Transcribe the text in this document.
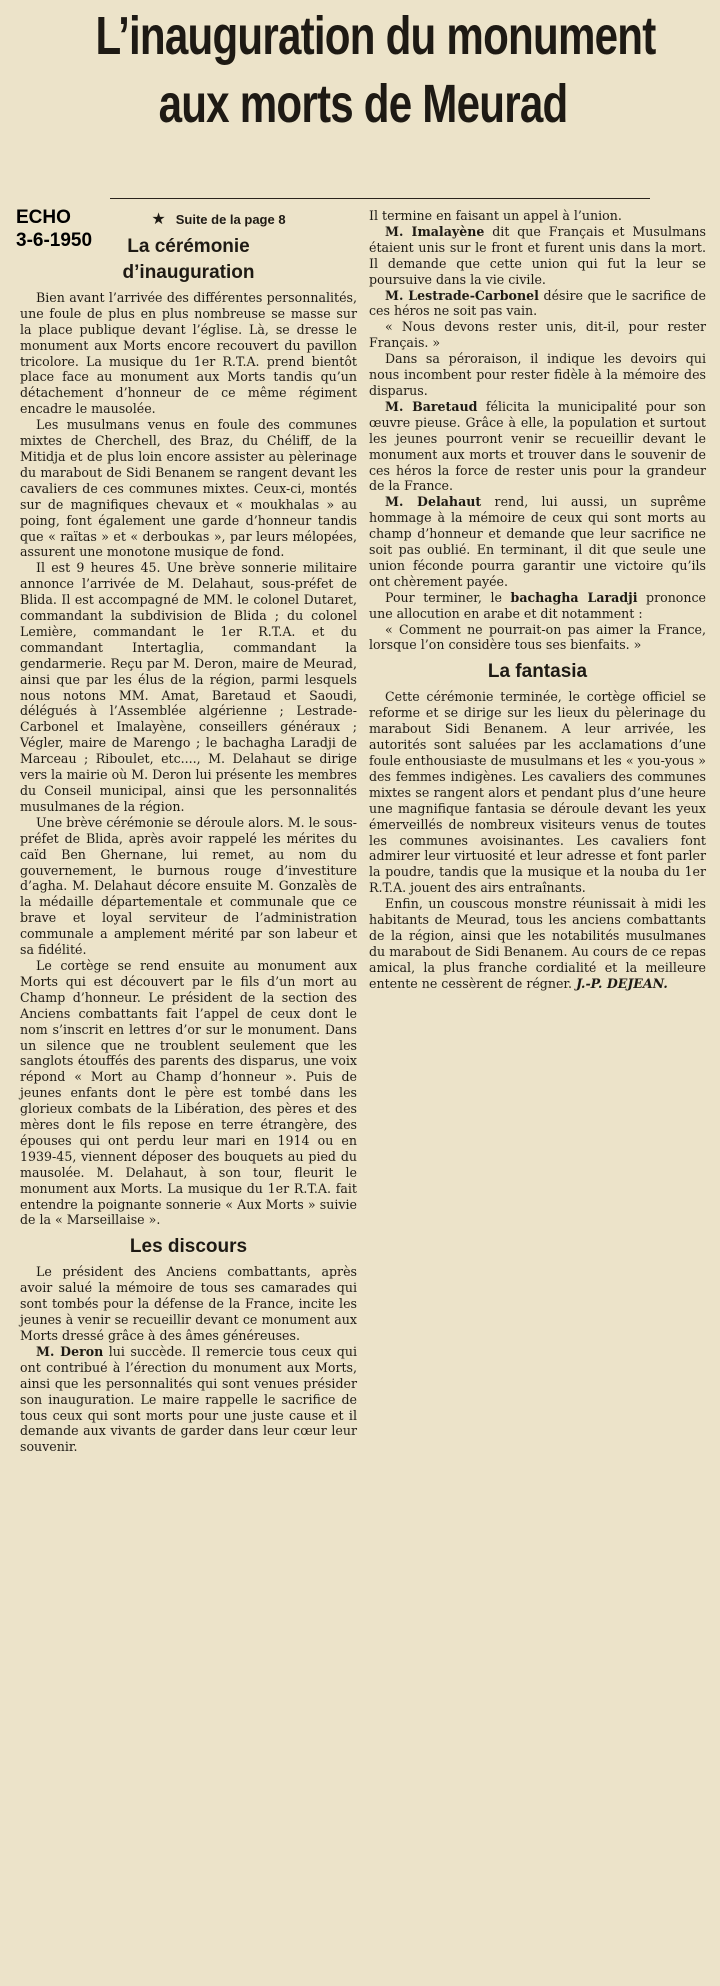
L’inauguration du monument
aux morts de Meurad
ECHO
3-6-1950
★ Suite de la page 8
La cérémonie
d’inauguration

Bien avant l’arrivée des différentes personnalités, une foule de plus en plus nombreuse se masse sur la place publique devant l’église. Là, se dresse le monument aux Morts encore recouvert du pavillon tricolore. La musique du 1er R.T.A. prend bientôt place face au monument aux Morts tandis qu’un détachement d’honneur de ce même régiment encadre le mausolée.

Les musulmans venus en foule des communes mixtes de Cherchell, des Braz, du Chéliff, de la Mitidja et de plus loin encore assister au pèlerinage du marabout de Sidi Benanem se rangent devant les cavaliers de ces communes mixtes. Ceux-ci, montés sur de magnifiques chevaux et « moukhalas » au poing, font également une garde d’honneur tandis que « raïtas » et « derboukas », par leurs mélopées, assurent une monotone musique de fond.

Il est 9 heures 45. Une brève sonnerie militaire annonce l’arrivée de M. Delahaut, sous-préfet de Blida. Il est accompagné de MM. le colonel Dutaret, commandant la subdivision de Blida ; du colonel Lemière, commandant le 1er R.T.A. et du commandant Intertaglia, commandant la gendarmerie. Reçu par M. Deron, maire de Meurad, ainsi que par les élus de la région, parmi lesquels nous notons MM. Amat, Baretaud et Saoudi, délégués à l’Assemblée algérienne ; Lestrade-Carbonel et Imalayène, conseillers généraux ; Végler, maire de Marengo ; le bachagha Laradji de Marceau ; Riboulet, etc...., M. Delahaut se dirige vers la mairie où M. Deron lui présente les membres du Conseil municipal, ainsi que les personnalités musulmanes de la région.

Une brève cérémonie se déroule alors. M. le sous-préfet de Blida, après avoir rappelé les mérites du caïd Ben Ghernane, lui remet, au nom du gouvernement, le burnous rouge d’investiture d’agha. M. Delahaut décore ensuite M. Gonzalès de la médaille départementale et communale que ce brave et loyal serviteur de l’administration communale a amplement mérité par son labeur et sa fidélité.

Le cortège se rend ensuite au monument aux Morts qui est découvert par le fils d’un mort au Champ d’honneur. Le président de la section des Anciens combattants fait l’appel de ceux dont le nom s’inscrit en lettres d’or sur le monument. Dans un silence que ne troublent seulement que les sanglots étouffés des parents des disparus, une voix répond « Mort au Champ d’honneur ». Puis de jeunes enfants dont le père est tombé dans les glorieux combats de la Libération, des pères et des mères dont le fils repose en terre étrangère, des épouses qui ont perdu leur mari en 1914 ou en 1939-45, viennent déposer des bouquets au pied du mausolée. M. Delahaut, à son tour, fleurit le monument aux Morts. La musique du 1er R.T.A. fait entendre la poignante sonnerie « Aux Morts » suivie de la « Marseillaise ».

Les discours

Le président des Anciens combattants, après avoir salué la mémoire de tous ses camarades qui sont tombés pour la défense de la France, incite les jeunes à venir se recueillir devant ce monument aux Morts dressé grâce à des âmes généreuses.

M. Deron lui succède. Il remercie tous ceux qui ont contribué à l’érection du monument aux Morts, ainsi que les personnalités qui sont venues présider son inauguration. Le maire rappelle le sacrifice de tous ceux qui sont morts pour une juste cause et il demande aux vivants de garder dans leur cœur leur souvenir.

Il termine en faisant un appel à l’union.

M. Imalayène dit que Français et Musulmans étaient unis sur le front et furent unis dans la mort. Il demande que cette union qui fut la leur se poursuive dans la vie civile.

M. Lestrade-Carbonel désire que le sacrifice de ces héros ne soit pas vain.

« Nous devons rester unis, dit-il, pour rester Français. »

Dans sa péroraison, il indique les devoirs qui nous incombent pour rester fidèle à la mémoire des disparus.

M. Baretaud félicita la municipalité pour son œuvre pieuse. Grâce à elle, la population et surtout les jeunes pourront venir se recueillir devant le monument aux morts et trouver dans le souvenir de ces héros la force de rester unis pour la grandeur de la France.

M. Delahaut rend, lui aussi, un suprême hommage à la mémoire de ceux qui sont morts au champ d’honneur et demande que leur sacrifice ne soit pas oublié. En terminant, il dit que seule une union féconde pourra garantir une victoire qu’ils ont chèrement payée.

Pour terminer, le bachagha Laradji prononce une allocution en arabe et dit notamment :

« Comment ne pourrait-on pas aimer la France, lorsque l’on considère tous ses bienfaits. »

La fantasia

Cette cérémonie terminée, le cortège officiel se reforme et se dirige sur les lieux du pèlerinage du marabout Sidi Benanem. A leur arrivée, les autorités sont saluées par les acclamations d’une foule enthousiaste de musulmans et les « you-yous » des femmes indigènes. Les cavaliers des communes mixtes se rangent alors et pendant plus d’une heure une magnifique fantasia se déroule devant les yeux émerveillés de nombreux visiteurs venus de toutes les communes avoisinantes. Les cavaliers font admirer leur virtuosité et leur adresse et font parler la poudre, tandis que la musique et la nouba du 1er R.T.A. jouent des airs entraînants.

Enfin, un couscous monstre réunissait à midi les habitants de Meurad, tous les anciens combattants de la région, ainsi que les notabilités musulmanes du marabout de Sidi Benanem. Au cours de ce repas amical, la plus franche cordialité et la meilleure entente ne cessèrent de régner. J.-P. DEJEAN.
